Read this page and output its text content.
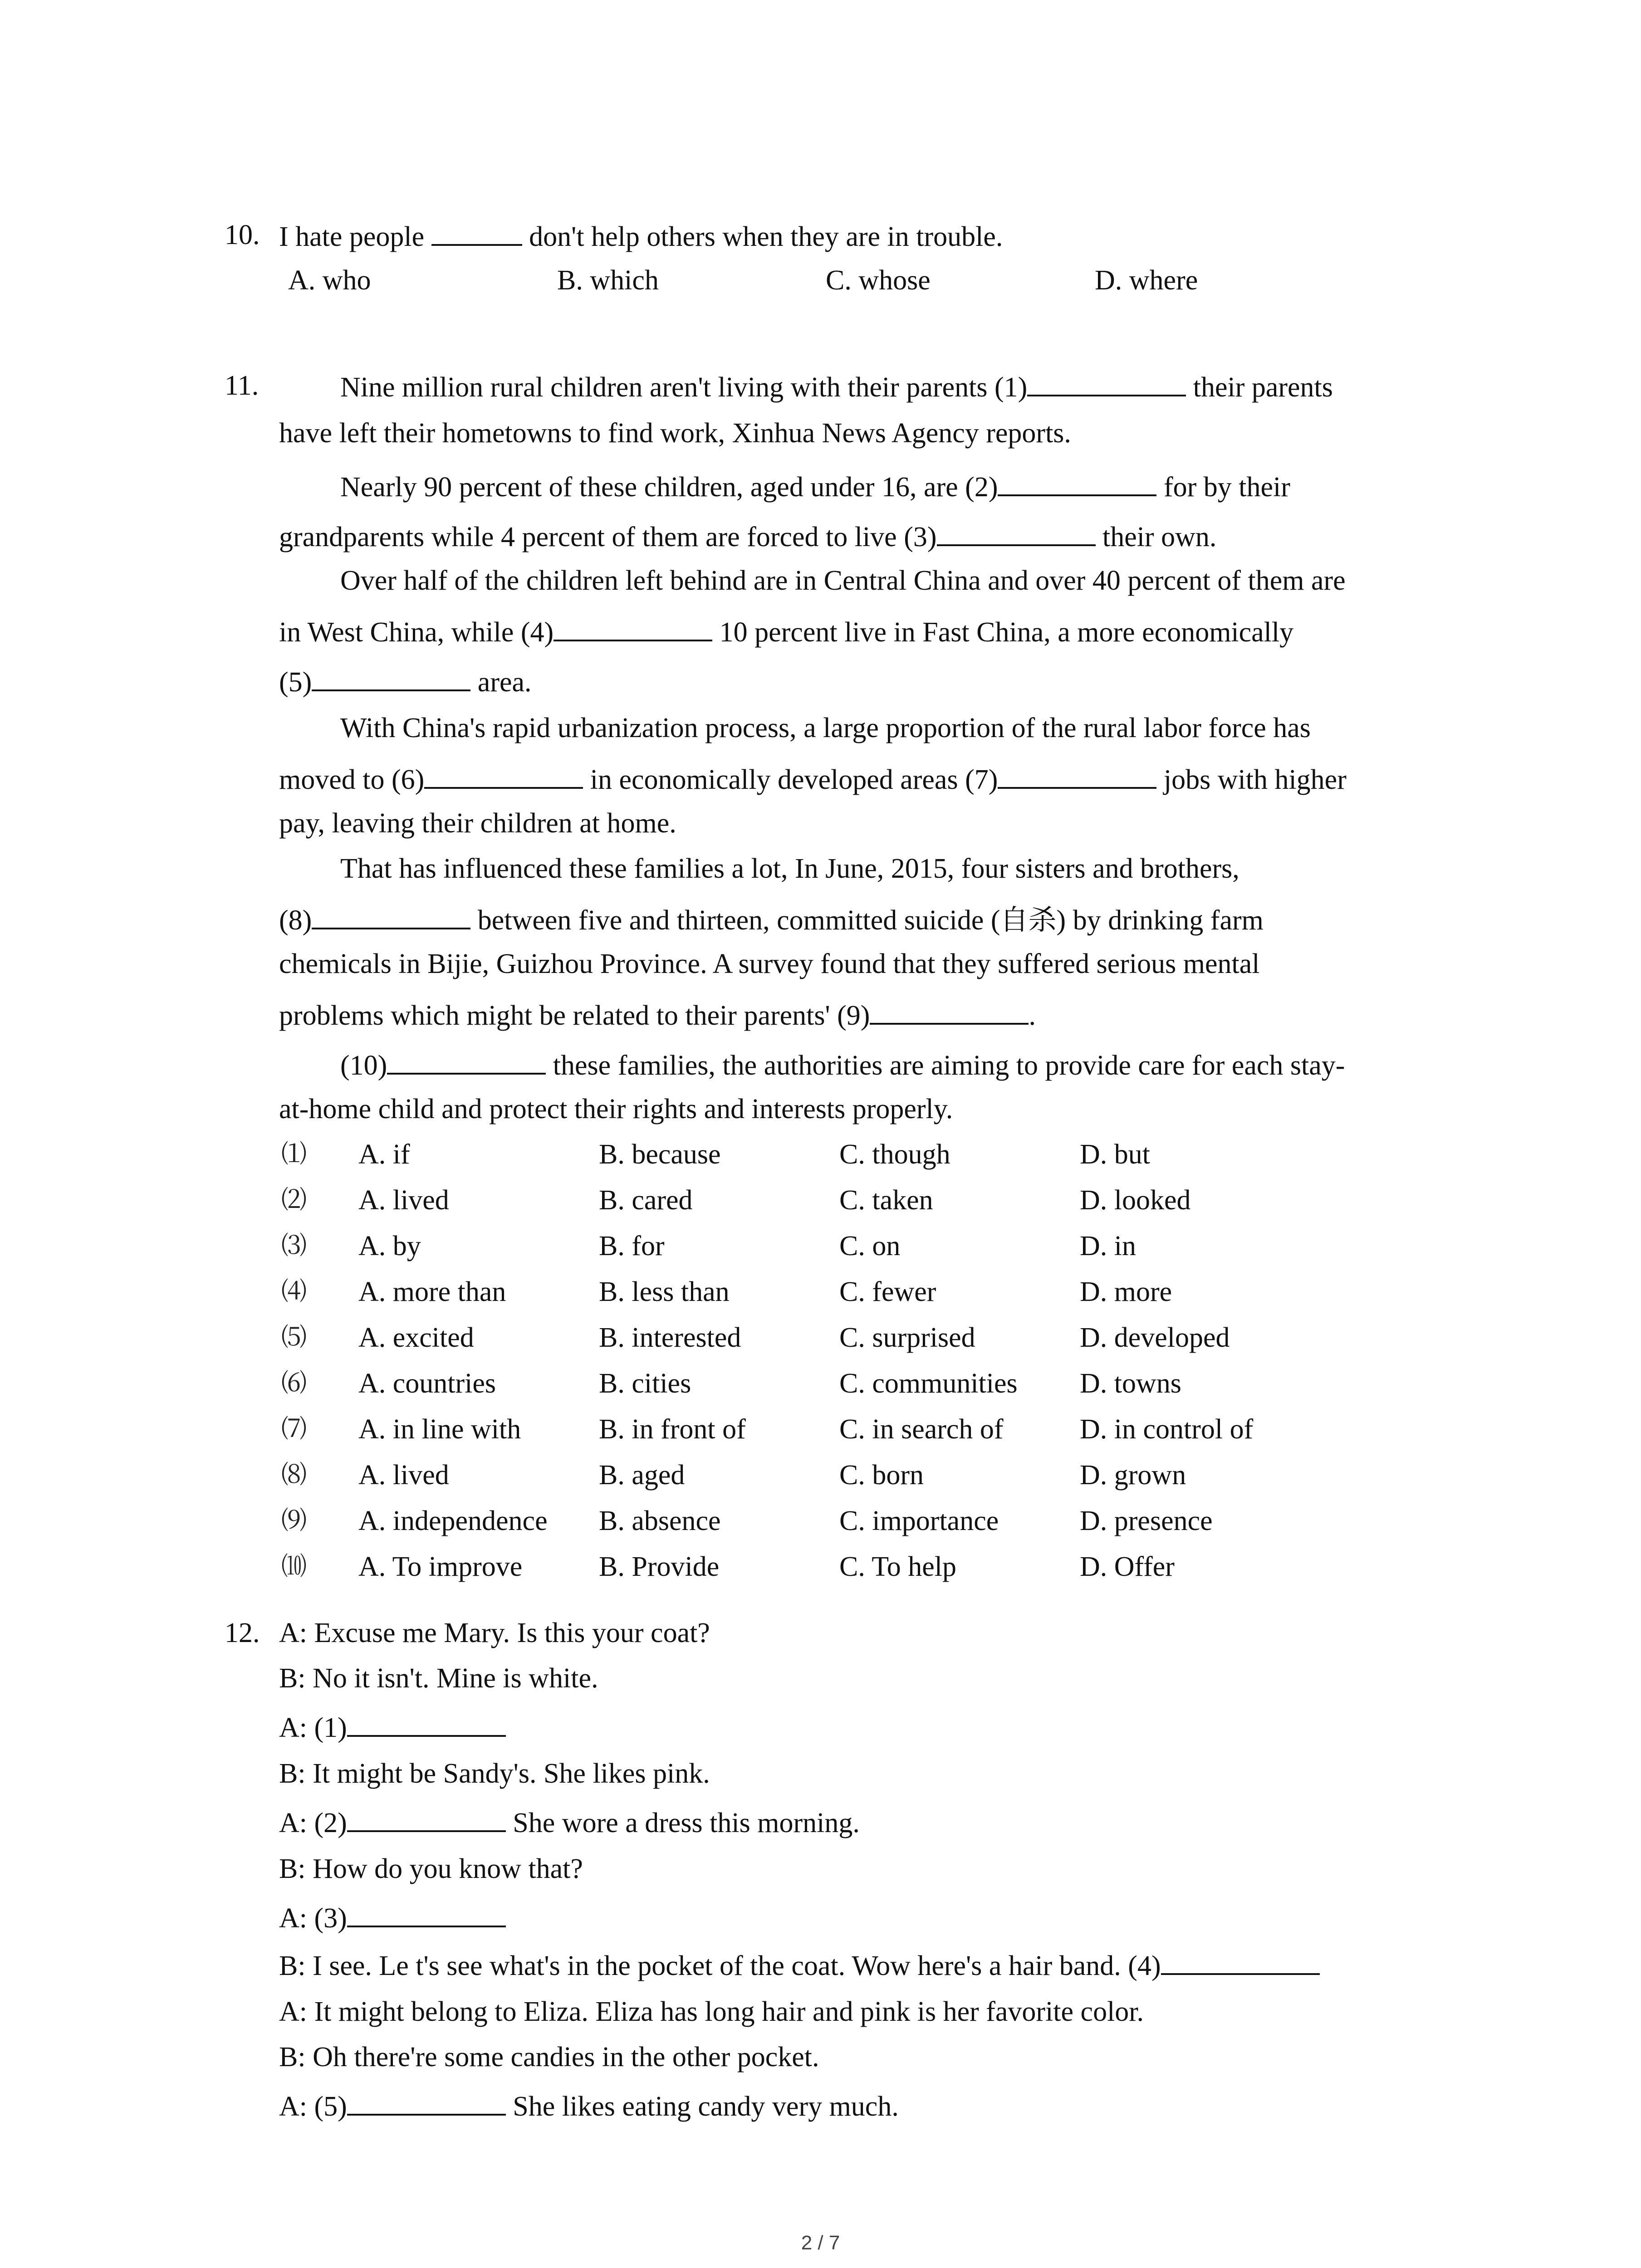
10. I hate people	don't help others when they are in trouble.
A. who	B. which	C. whose	D. where
11.	Nine million rural children aren't living with their parents (1)	their parents
have left their hometowns to find work, Xinhua News Agency reports.
Nearly 90 percent of these children, aged under 16, are (2)	for by their
grandparents while 4 percent of them are forced to live (3)	their own.
Over half of the children left behind are in Central China and over 40 percent of them are
in West China, while (4)	10 percent live in Fast China, a more economically
(5)	area.
With China's rapid urbanization process, a large proportion of the rural labor force has
moved to (6)	in economically developed areas (7)	jobs with higher
pay, leaving their children at home.
That has influenced these families a lot, In June, 2015, four sisters and brothers,
(8)	between five and thirteen, committed suicide (自杀) by drinking farm
chemicals in Bijie, Guizhou Province. A survey found that they suffered serious mental
problems which might be related to their parents' (9)	.
(10)	these families, the authorities are aiming to provide care for each stay-
at-home child and protect their rights and interests properly.
⑴ A. if	B. because	C. though	D. but
⑵ A. lived	B. cared	C. taken	D. looked
⑶ A. by	B. for	C. on	D. in
⑷ A. more than	B. less than	C. fewer	D. more
⑸ A. excited	B. interested	C. surprised	D. developed
⑹ A. countries	B. cities	C. communities D. towns
⑺ A. in line with	B. in front of	C. in search of	D. in control of
⑻ A. lived	B. aged	C. born	D. grown
⑼ A. independence B. absence	C. importance	D. presence
⑽ A. To improve	B. Provide	C. To help	D. Offer
12. A: Excuse me Mary. Is this your coat?
B: No it isn't. Mine is white.
A: (1)
B: It might be Sandy's. She likes pink.
A: (2)	She wore a dress this morning.
B: How do you know that?
A: (3)
B: I see. Le t's see what's in the pocket of the coat. Wow here's a hair band. (4)
A: It might belong to Eliza. Eliza has long hair and pink is her favorite color.
B: Oh there're some candies in the other pocket.
A: (5)	She likes eating candy very much.
2 / 7
